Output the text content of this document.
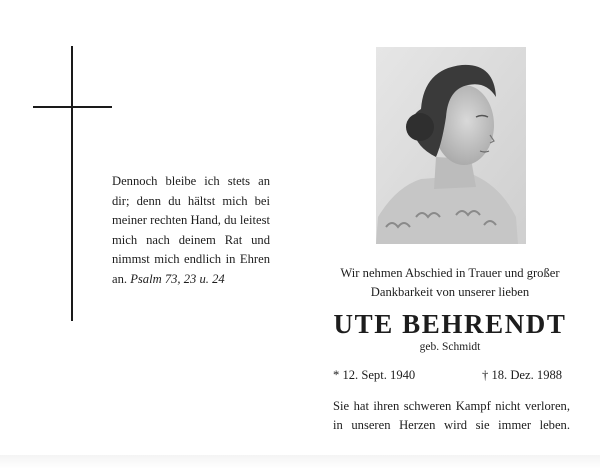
Dennoch bleibe ich stets an dir; denn du hältst mich bei meiner rechten Hand, du leitest mich nach deinem Rat und nimmst mich endlich in Ehren an. Psalm 73, 23 u. 24	Wir nehmen Abschied in Trauer und großer
Dankbarkeit von unserer lieben

UTE BEHRENDT

geb. Schmidt

* 12. Sept. 1940	† 18. Dez. 1988

Sie hat ihren schweren Kampf nicht verloren,
in unseren Herzen wird sie immer leben.
